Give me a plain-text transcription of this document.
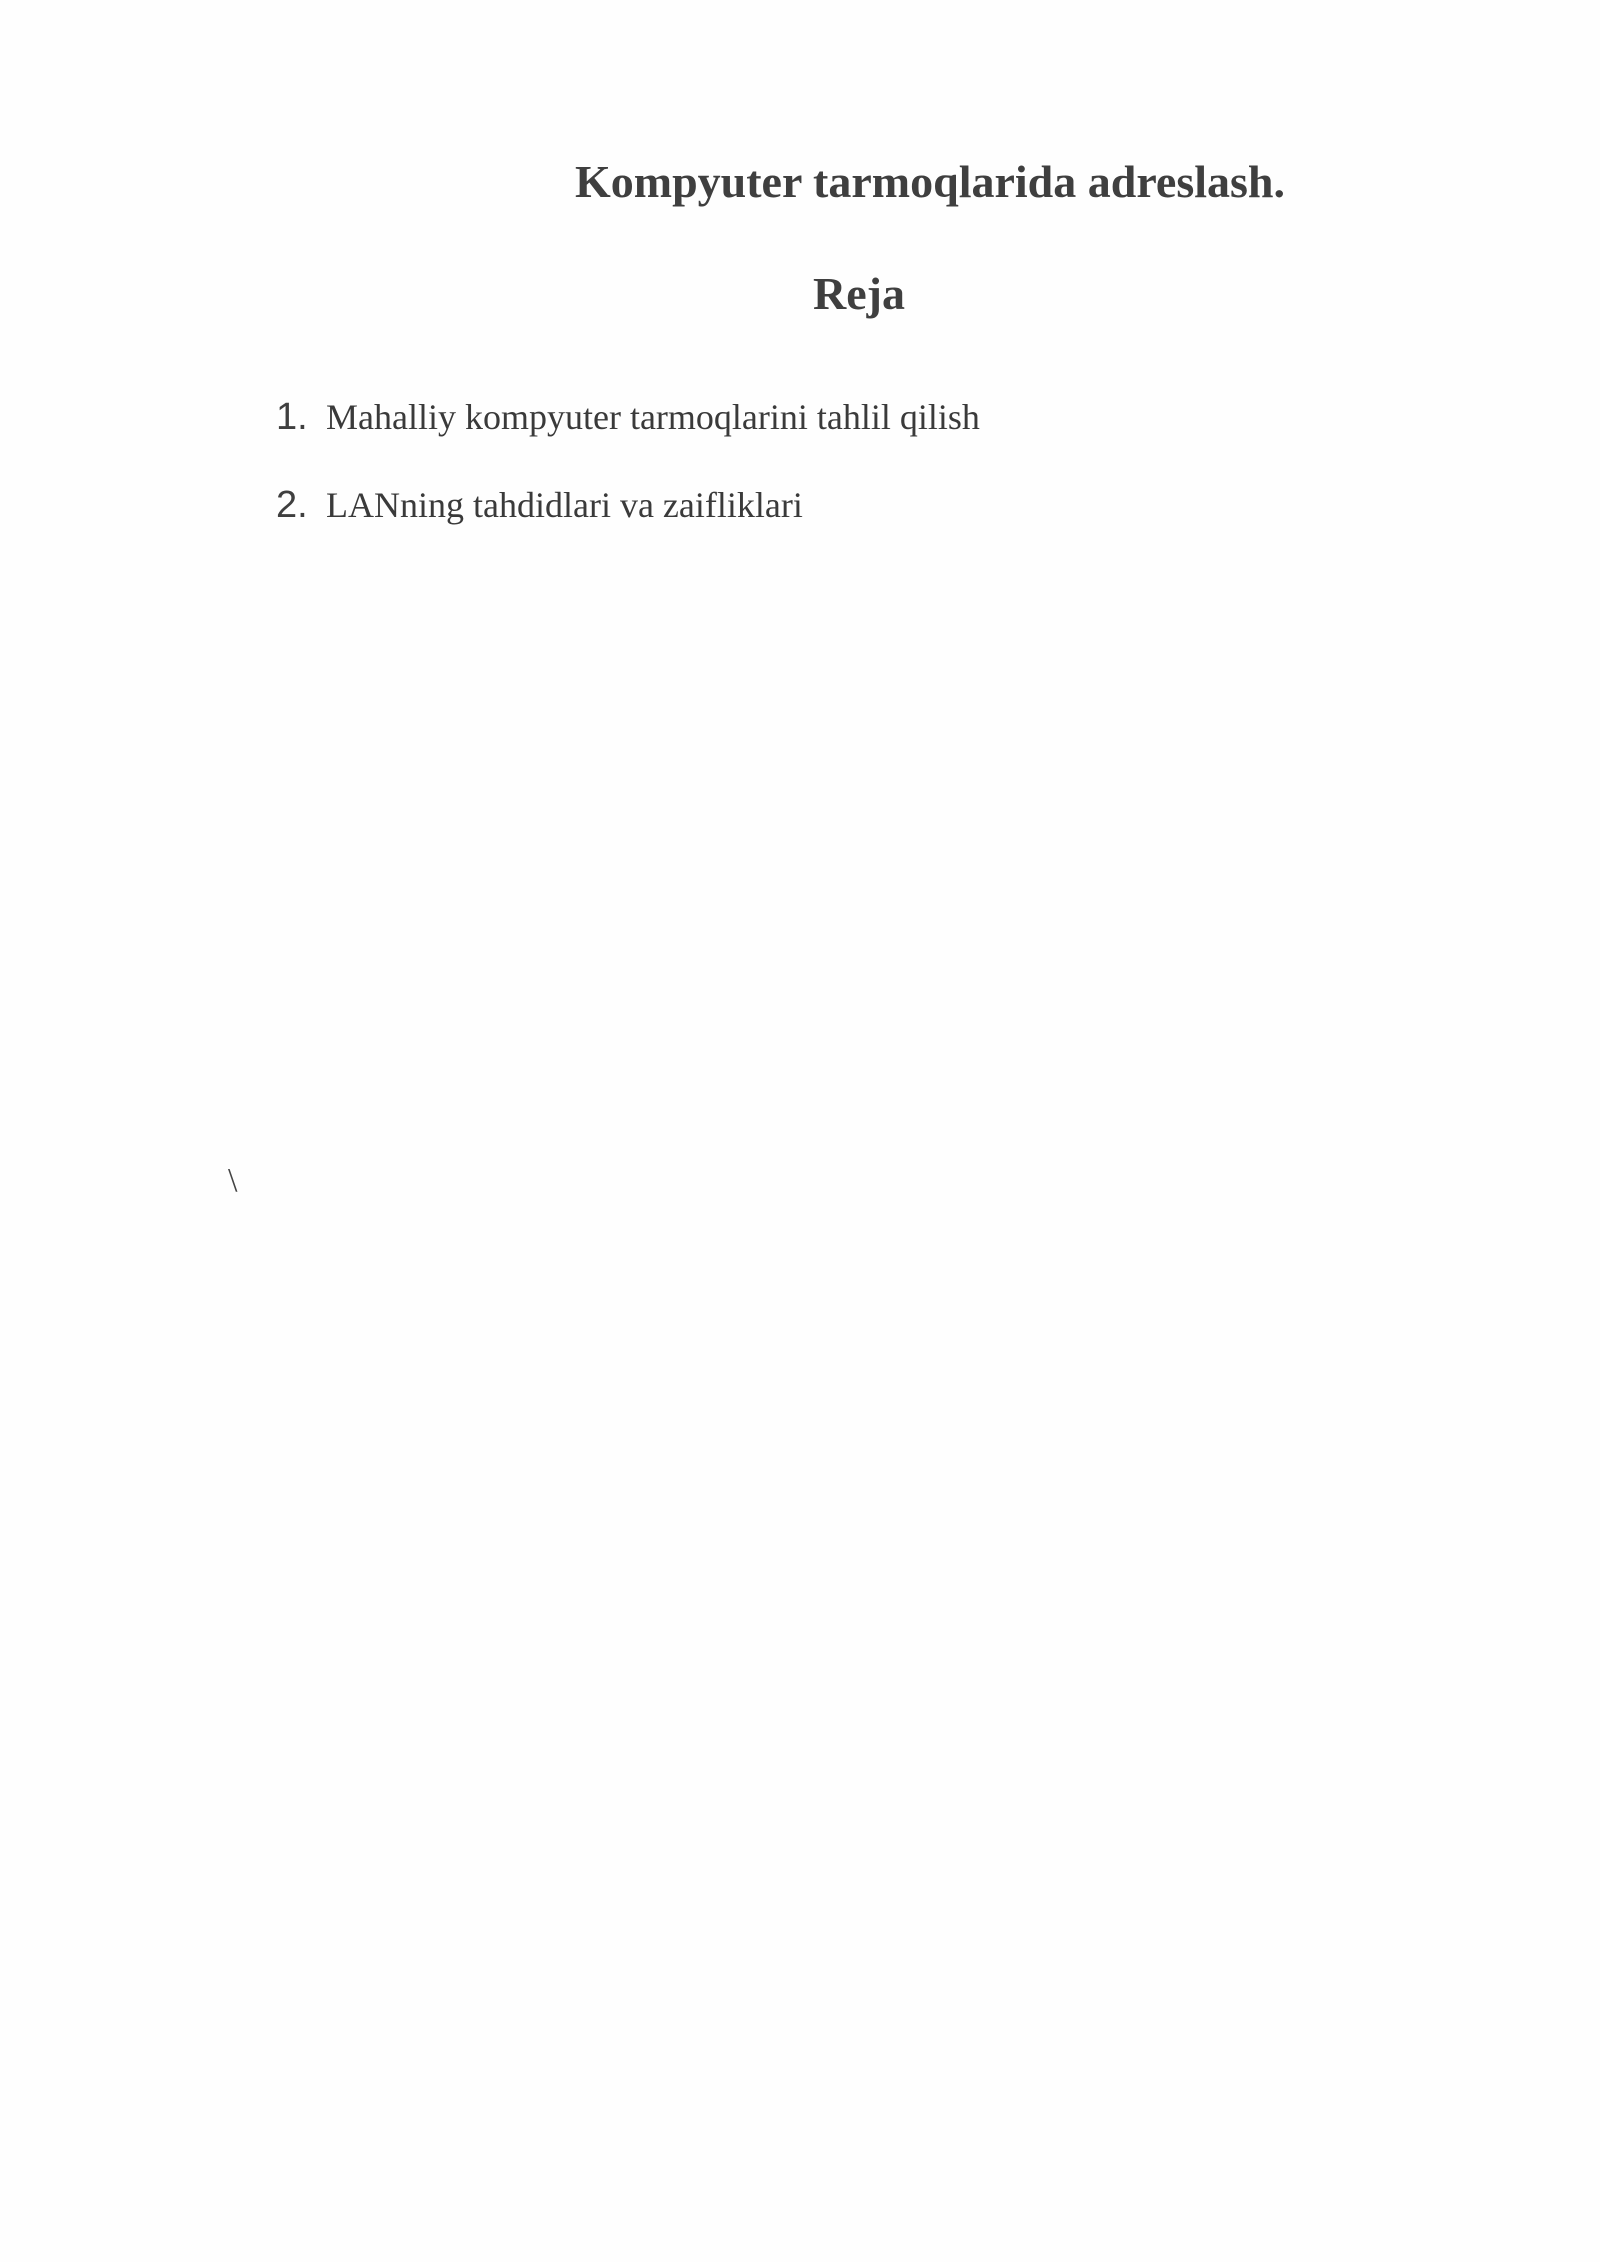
Kompyuter tarmoqlarida adreslash.
Reja
1. Mahalliy kompyuter tarmoqlarini tahlil qilish
2. LANning tahdidlari va zaifliklari
\
